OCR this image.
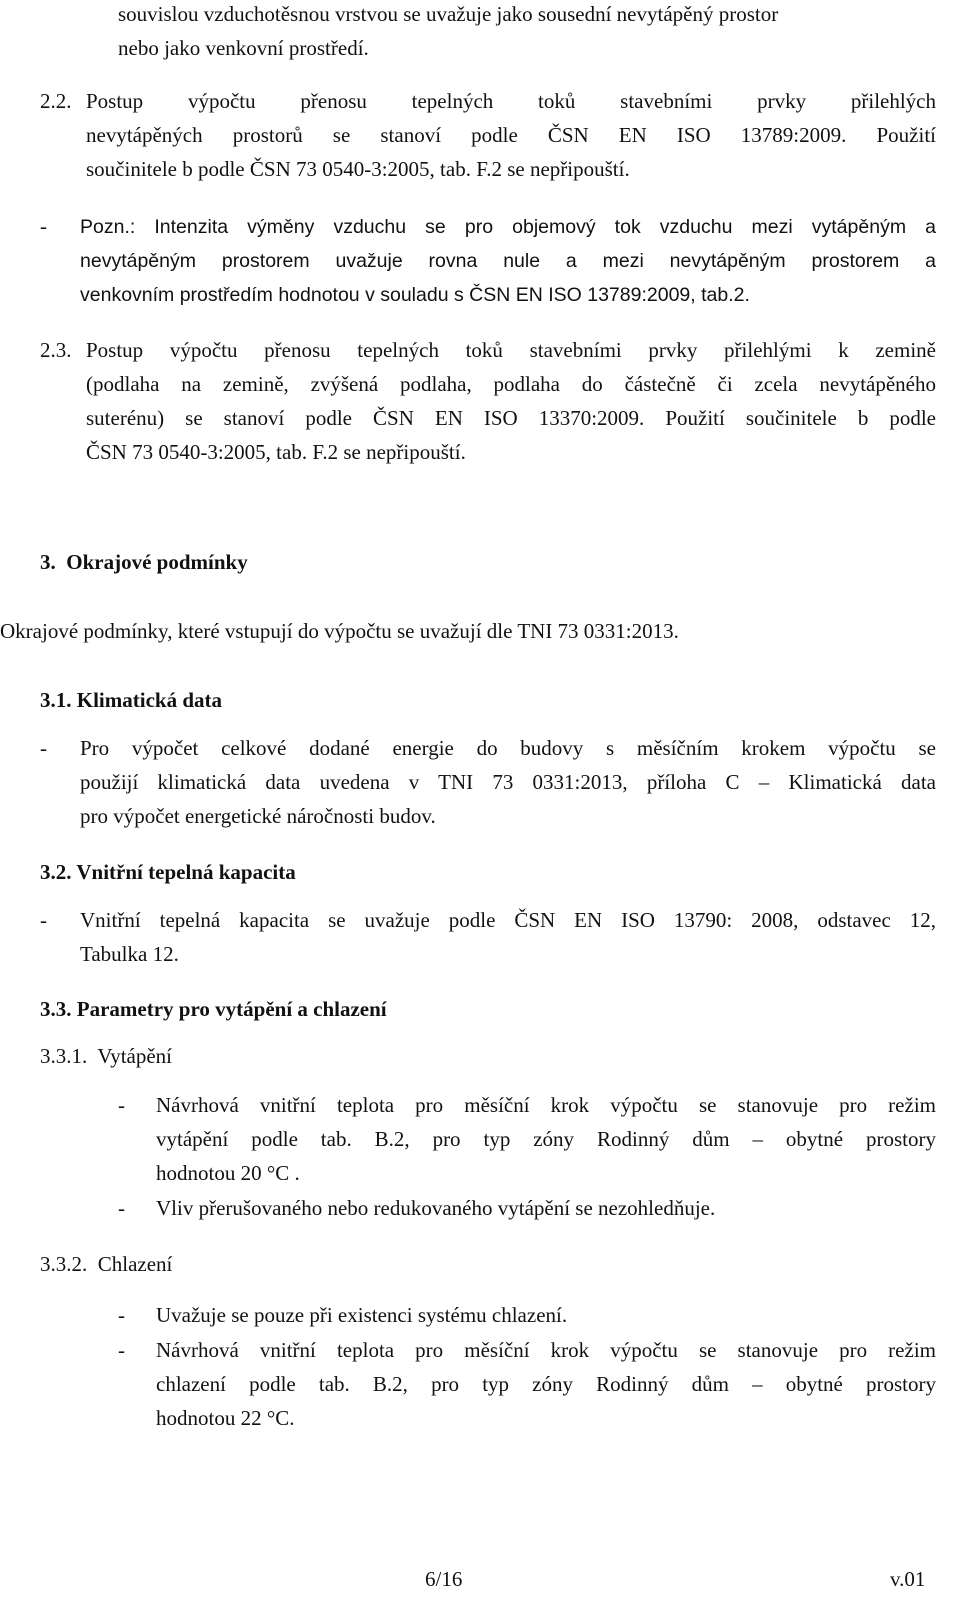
souvislou vzduchotěsnou vrstvou se uvažuje jako sousední nevytápěný prostor
nebo jako venkovní prostředí.
2.2. Postup výpočtu přenosu tepelných toků stavebními prvky přilehlých
nevytápěných prostorů se stanoví podle ČSN EN ISO 13789:2009. Použití
součinitele b podle ČSN 73 0540-3:2005, tab. F.2 se nepřipouští.
- Pozn.: Intenzita výměny vzduchu se pro objemový tok vzduchu mezi vytápěným a
nevytápěným prostorem uvažuje rovna nule a mezi nevytápěným prostorem a
venkovním prostředím hodnotou v souladu s ČSN EN ISO 13789:2009, tab.2.
2.3. Postup výpočtu přenosu tepelných toků stavebními prvky přilehlými k zemině
(podlaha na zemině, zvýšená podlaha, podlaha do částečně či zcela nevytápěného
suterénu) se stanoví podle ČSN EN ISO 13370:2009. Použití součinitele b podle
ČSN 73 0540-3:2005, tab. F.2 se nepřipouští.
3.  Okrajové podmínky
Okrajové podmínky, které vstupují do výpočtu se uvažují dle TNI 73 0331:2013.
3.1. Klimatická data
- Pro výpočet celkové dodané energie do budovy s měsíčním krokem výpočtu se
použijí klimatická data uvedena v TNI 73 0331:2013, příloha C – Klimatická data
pro výpočet energetické náročnosti budov.
3.2. Vnitřní tepelná kapacita
- Vnitřní tepelná kapacita se uvažuje podle ČSN EN ISO 13790: 2008, odstavec 12,
Tabulka 12.
3.3. Parametry pro vytápění a chlazení
3.3.1.  Vytápění
- Návrhová vnitřní teplota pro měsíční krok výpočtu se stanovuje pro režim
vytápění podle tab. B.2, pro typ zóny Rodinný dům – obytné prostory
hodnotou 20 °C .
- Vliv přerušovaného nebo redukovaného vytápění se nezohledňuje.
3.3.2.  Chlazení
- Uvažuje se pouze při existenci systému chlazení.
- Návrhová vnitřní teplota pro měsíční krok výpočtu se stanovuje pro režim
chlazení podle tab. B.2, pro typ zóny Rodinný dům – obytné prostory
hodnotou 22 °C.
6/16	v.01
